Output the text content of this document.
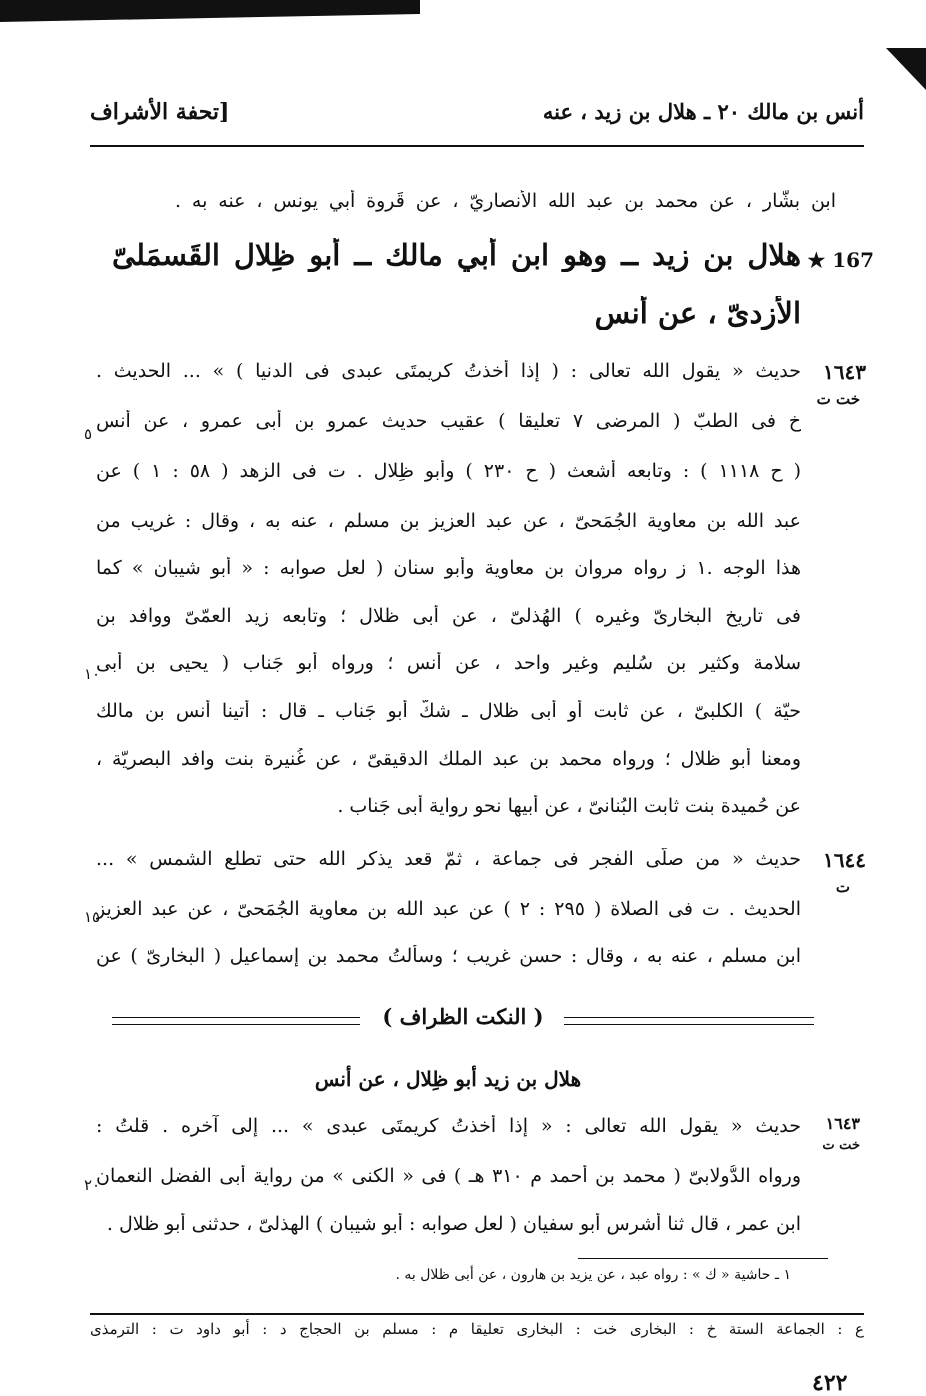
أنس بن مالك ٢٠ ـ هلال بن زيد ، عنه
[تحفة الأشراف
ابن بشّار ، عن محمد بن عبد الله الأنصاريّ ، عن قَروة أبي يونس ، عنه به .
★ 167
هلال بن زيد ــ وهو ابن أبي مالك ــ أبو ظِلال القَسمَلىّ
الأزدىّ ، عن أنس
١٦٤٣
خت ت
حديث « يقول الله تعالى : ( إذا أخذتُ كريمتَى عبدى فى الدنيا ) » ... الحديث .
خ فى الطبّ ( المرضى ٧ تعليقا ) عقيب حديث عمرو بن أبى عمرو ، عن أنس
( ح ١١١٨ ) : وتابعه أشعث ( ح ٢٣٠ ) وأبو ظِلال . ت فى الزهد ( ٥٨ : ١ ) عن
عبد الله بن معاوية الجُمَحىّ ، عن عبد العزيز بن مسلم ، عنه به ، وقال : غريب من
هذا الوجه .١ ز رواه مروان بن معاوية وأبو سنان ( لعل صوابه : « أبو شيبان » كما
فى تاريخ البخارىّ وغيره ) الهُذلىّ ، عن أبى ظلال ؛ وتابعه زيد العمّىّ ووافد بن
سلامة وكثير بن سُليم وغير واحد ، عن أنس ؛ ورواه أبو جَناب ( يحيى بن أبى
حيّة ) الكلبىّ ، عن ثابت أو أبى ظلال ـ شكّ أبو جَناب ـ قال : أتينا أنس بن مالك
ومعنا أبو ظلال ؛ ورواه محمد بن عبد الملك الدقيقىّ ، عن غُنيرة بنت وافد البصريّة ،
عن حُميدة بنت ثابت البُنانىّ ، عن أبيها نحو رواية أبى جَناب .
٥
١٠
١٦٤٤
ت
حديث « من صلّى الفجر فى جماعة ، ثمّ قعد يذكر الله حتى تطلع الشمس » ...
الحديث . ت فى الصلاة ( ٢٩٥ : ٢ ) عن عبد الله بن معاوية الجُمَحىّ ، عن عبد العزيز
ابن مسلم ، عنه به ، وقال : حسن غريب ؛ وسألتُ محمد بن إسماعيل ( البخارىّ ) عن
١٥
( النكت الظراف )
هلال بن زيد أبو ظِلال ، عن أنس
١٦٤٣
خت ت
حديث « يقول الله تعالى : « إذا أخذتُ كريمتَى عبدى » ... إلى آخره . قلتُ :
ورواه الدُّولابىّ ( محمد بن أحمد م ٣١٠ هـ ) فى « الكنى » من رواية أبى الفضل النعمان
ابن عمر ، قال ثنا أشرس أبو سفيان ( لعل صوابه : أبو شيبان ) الهذلىّ ، حدثنى أبو ظلال .
٢٠
١ ـ حاشية « ك » : رواه عبد ، عن يزيد بن هارون ، عن أبى ظلال به .
ع : الجماعة الستة خ : البخارى خت : البخارى تعليقا م : مسلم بن الحجاج د : أبو داود ت : الترمذى
٤٢٢
